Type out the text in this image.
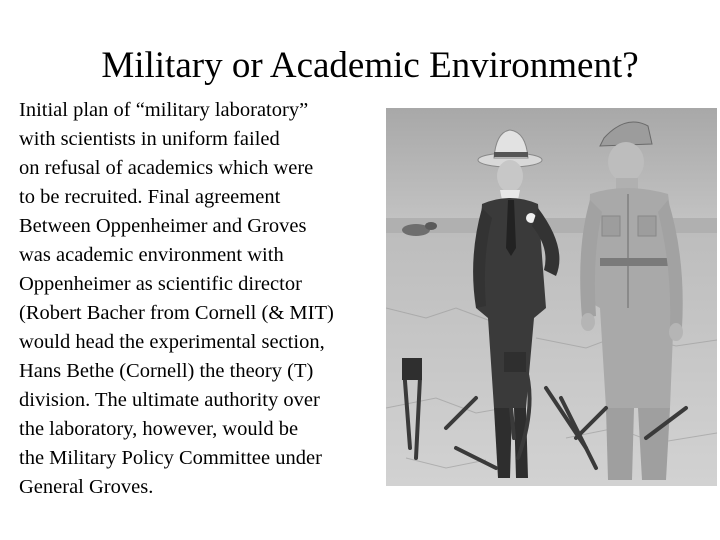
Military or Academic Environment?
Initial plan of “military laboratory”
with scientists in uniform failed
on refusal of academics which were
to be recruited. Final agreement
Between Oppenheimer and Groves
was academic environment with
Oppenheimer as scientific director
(Robert Bacher from Cornell (& MIT)
would head the experimental section,
Hans Bethe (Cornell) the theory (T)
division. The ultimate authority over
the laboratory, however, would be
the Military Policy Committee under
General Groves.
